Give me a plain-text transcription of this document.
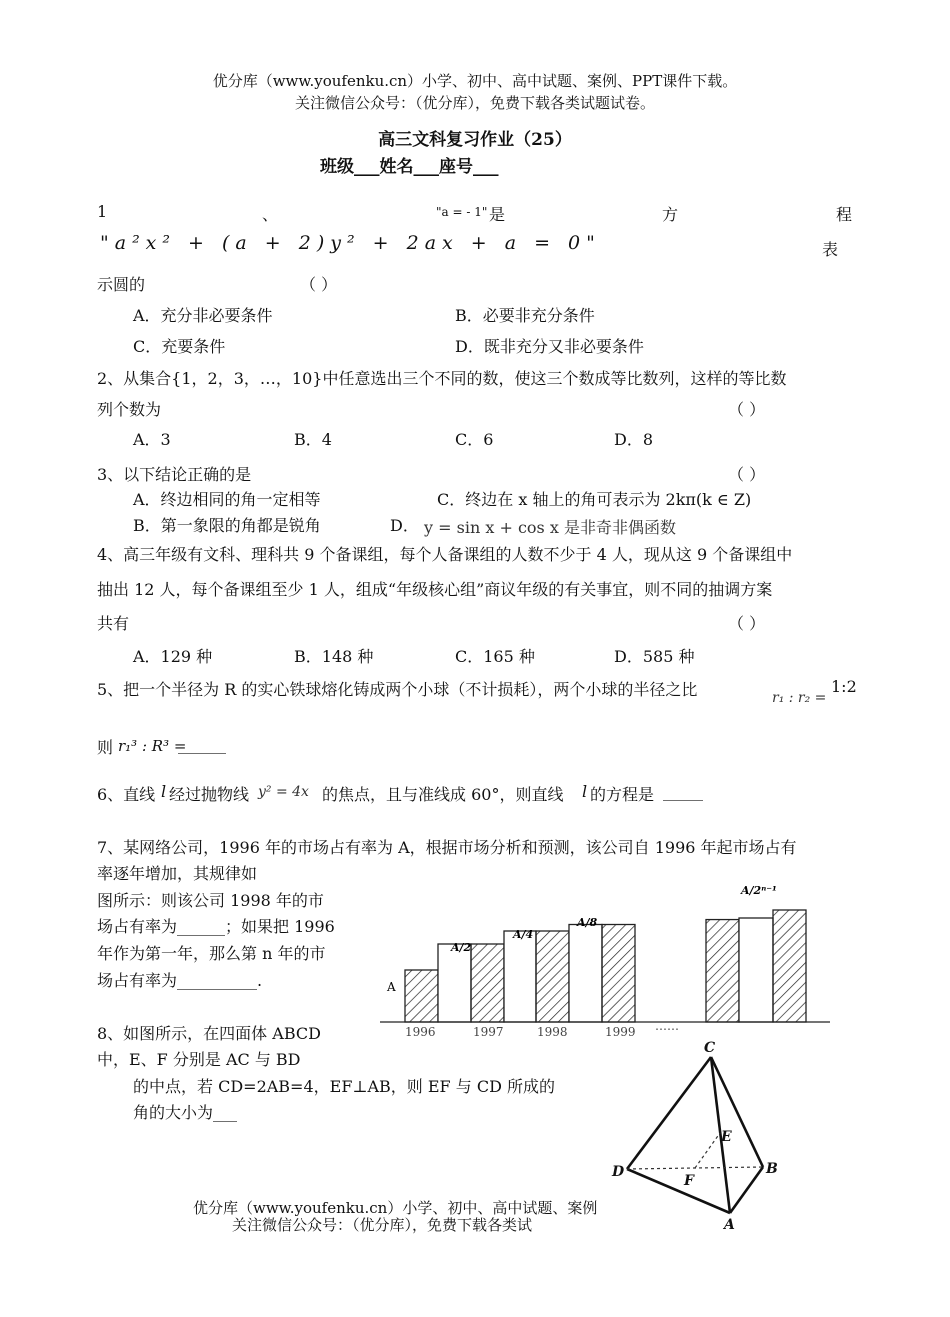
优分库（www.youfenku.cn）小学、初中、高中试题、案例、PPT课件下载。
关注微信公众号：（优分库），免费下载各类试题试卷。
高三文科复习作业（25）
班级___姓名___座号___
1	、	"a = - 1" 是	方	程
"a²x² + (a + 2)y² + 2ax + a = 0"	表
示圆的	（ ）
A．充分非必要条件	B．必要非充分条件
C．充要条件	D．既非充分又非必要条件
2、从集合{1，2，3，…，10}中任意选出三个不同的数，使这三个数成等比数列，这样的等比数
列个数为	（ ）
A．3	B．4	C．6	D．8
3、以下结论正确的是	（ ）
A．终边相同的角一定相等	C．终边在 x 轴上的角可表示为 2kπ(k ∈ Z)
B．第一象限的角都是锐角	D． y = sin x + cos x 是非奇非偶函数
4、高三年级有文科、理科共 9 个备课组，每个人备课组的人数不少于 4 人，现从这 9 个备课组中
抽出 12 人，每个备课组至少 1 人，组成“年级核心组”商议年级的有关事宜，则不同的抽调方案
共有	（ ）
A．129 种	B．148 种	C．165 种	D．585 种
5、把一个半径为 R 的实心铁球熔化铸成两个小球（不计损耗），两个小球的半径之比	r₁ : r₂ =
1:2
则 r₁³ : R³ =
______
6、直线 l 经过抛物线 y² = 4x 的焦点，且与准线成 60°，则直线 l 的方程是 _____
7、某网络公司，1996 年的市场占有率为 A，根据市场分析和预测，该公司自 1996 年起市场占有
率逐年增加，其规律如
图所示：则该公司 1998 年的市
场占有率为______；如果把 1996
年作为第一年，那么第 n 年的市
场占有率为__________.	A
1996	1997	1998	1999 ……
A/2
A/4
A/8
A/2ⁿ⁻¹
8、如图所示，在四面体 ABCD
中，E、F 分别是 AC 与 BD
的中点，若 CD=2AB=4，EF⊥AB，则 EF 与 CD 所成的
角的大小为___
C
E
D
F
B
A
优分库（www.youfenku.cn）小学、初中、高中试题、案例
关注微信公众号：（优分库），免费下载各类试
